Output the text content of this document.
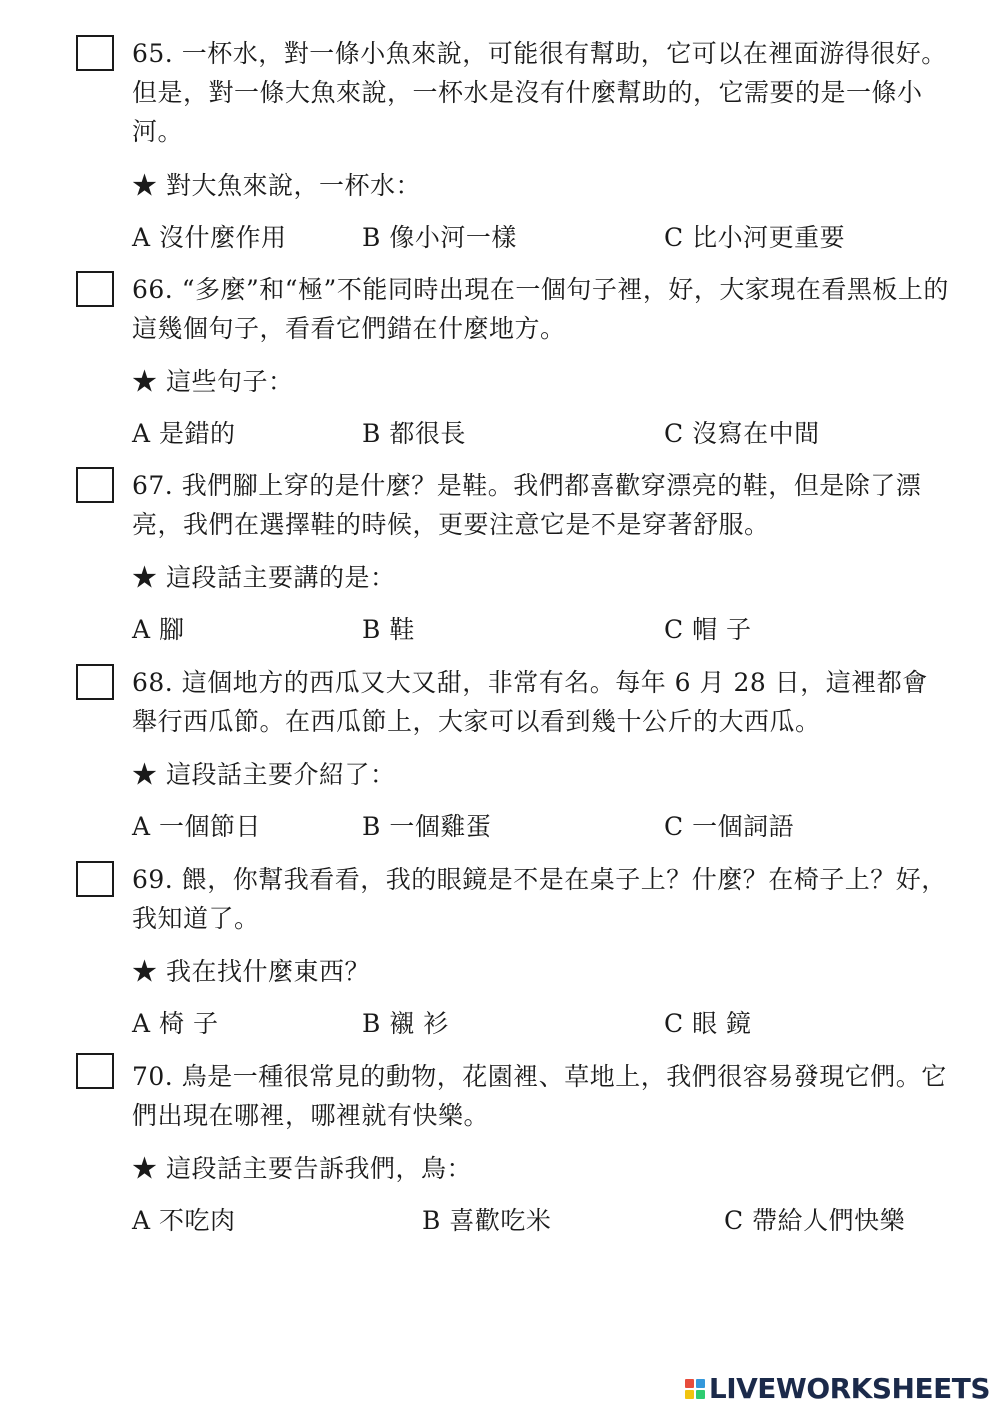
65. 一杯水，對一條小魚來說，可能很有幫助，它可以在裡面游得很好。但是，對一條大魚來說，一杯水是沒有什麼幫助的，它需要的是一條小河。
★ 對大魚來說，一杯水：
A 沒什麼作用	B 像小河一樣	C 比小河更重要
66. “多麼”和“極”不能同時出現在一個句子裡，好，大家現在看黑板上的這幾個句子，看看它們錯在什麼地方。
★ 這些句子：
A 是錯的	B 都很長	C 沒寫在中間
67. 我們腳上穿的是什麼？是鞋。我們都喜歡穿漂亮的鞋，但是除了漂亮，我們在選擇鞋的時候，更要注意它是不是穿著舒服。
★ 這段話主要講的是：
A 腳	B 鞋	C 帽 子
68. 這個地方的西瓜又大又甜，非常有名。每年 6 月 28 日，這裡都會舉行西瓜節。在西瓜節上，大家可以看到幾十公斤的大西瓜。
★ 這段話主要介紹了：
A 一個節日	B 一個雞蛋	C 一個詞語
69. 餵，你幫我看看，我的眼鏡是不是在桌子上？什麼？在椅子上？好，我知道了。
★ 我在找什麼東西？
A 椅 子	B 襯 衫	C 眼 鏡
70. 鳥是一種很常見的動物，花園裡、草地上，我們很容易發現它們。它們出現在哪裡，哪裡就有快樂。
★ 這段話主要告訴我們，鳥：
A 不吃肉	B 喜歡吃米	C 帶給人們快樂
LIVEWORKSHEETS
